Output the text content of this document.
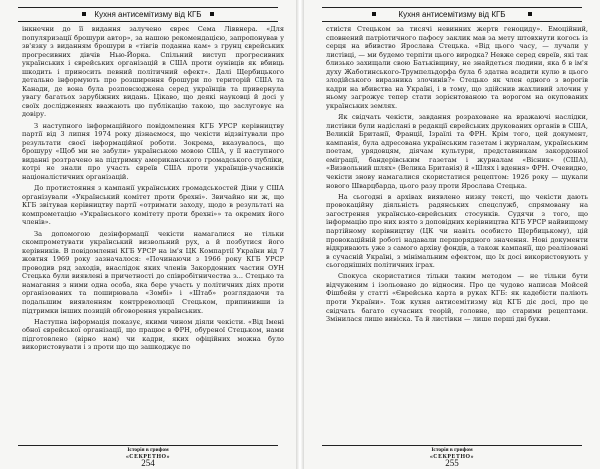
Кухня антисемітизму від КГБ

інкнечни до її видання залучено євреє Сема Ліввнера. «Для популяризації брошури автор», за нашою рекомендацією, запропонував у зв'язку з виданням брошури в «тівгів поданна кам» з грунц єврейських прогресивних дівчів Нью-Йорка. Спільний виступ прогресивних українських і єврейських організацій в США проти оунівців як вбивць шкодить і приносить певний політичний ефект». Далі Щербицького детально інформують про розширення брошури по територій США та Канади, де вона була розповсюджена серед українців та привернула увагу багатьох зарубіжних видань. Цікаво, що деякі науковці й досі у своїх дослідженнях вважають цю публікацію такою, що заслуговує на довіру.

З наступного інформаційного повідомлення КГБ УРСР керівництву партії від 3 липня 1974 року дізнаємося, що чекісти відзвітували про результати своєї інформаційної роботи. Зокрема, вказувалось, що брошуру «Щоб ми не забули» українською мовою США, у її наступного виданні розтрачено на підтримку американського громадського публіки, котрі не знали про участь євреїв США проти українців-учасників націоналістичних організацій.

До протистояння з кампанії українських громадськостей Діни у США організували «Український комітет проти брехні». Звичайно ни ж, що КГБ звітував керівництву партії «отримати заходу, щодо в результаті на компрометацію «Українського комітету проти брехні»» та окремих його членів».

За допомогою дезінформації чекісти намагалися не тільки скомпрометувати український визвольний рух, а й позбутися його керівників. В повідомленні КГБ УРСР на ім'я ЦК Компартії України від 7 жовтня 1969 року зазначалося: «Починаючи з 1966 року КГБ УРСР проводив ряд заходів, внаслідок яких членів Закордонних частин ОУН Стецька були виявлені в причетності до співробітничества з... Стецько та намагання з ними одна особа, яка бере участь у політичних діях проти організованих та поширювала «Зомбі» і «Штаб» розглядаючи та подальшим виявленням контрреволюції Стецьком, припинивши із підтримки інших позицій обговорення українських.

Наступна інформація показує, якими чином діяли чекісти. «Від Імені обної єврейської організації, що працює в ФРН, обуреної Стецьком, нами підготовлено (вірно нам) чи кадри, яких офіційних можна було використовувати і з проти що що зашкоджує по

Історія в грифом
«СЕКРЕТНО»
254
Кухня антисемітизму від КГБ

стиістя Стецьком за тисячі невинних жертв геноциду». Емоційний, сповнений патріотичного пафосу заклик мав за мету штовхнути когось із серця на вбивство Ярослава Стецька. «Від цього часу, — лучали у листівці, — ми будемо терпіти цього виродка? Невже серед євреїв, які так близько захищали свою Батьківщину, не знайдеться людини, яка б в ім'я духу Жаботинського-Трумпельдорфа була б здатна всадити кулю в цього злодійського виразника злочинів?» Стецько як член одного з ворогів кадри на вбивства на Україні, і в тому, що здійснив жахливий злочин у ньому загрожує тепер стати зорієнтованою та ворогом на окупованих українських землях.

Як свідчать чекісти, завдання розраховане на вражаючі наслідки, листівки були надіслані в редакції єврейських друкованих органів в США, Великій Британії, Франції, Ізраїлі та ФРН. Крім того, цей документ, кампанія, була адресована українським газетам і журналам, українським поетам, урядовцям, діячам культури, представникам закордонної еміграції, бандерівським газетам і журналам «Вісник» (США), «Визвольний шлях» (Велика Британія) й «Шлях і вдення» ФРН. Очевидно, чекісти знову намагалися скористатися рецептом: 1926 року — щукали нового Шварцбарда, цього разу проти Ярослава Стецька.

На сьогодні в архівах виявлено низку тексті, що чекісти дають провокаційну діяльність радянських спецслужб, спрямовану на загострення українсько-єврейських стосунків. Судячи з того, що інформацію про них взято з доповідних керівництва КГБ УРСР найвищому партійному керівництву (ЦК чи навіть особисто Щербицькому), цій провокаційній роботі надавали першорядного значення. Нові документи відкривають уже з самого архіву фондів, а також кампанії, що реалізовані в сучасній Україні, з мінімальним ефектом, що їх досі використовують у сьогоднішніх політичних іграх.

Спокуса скористатися тільки таким методом — не тільки бути відчуженим і ізольовано до відносин. Про це чудово написав Мойсей Фішбейн у статті «Єврейська карта в руках КГБ: як кадебісти паліють проти України». Тож кухня антисемітизму від КГБ діє досі, про це свідчать багато сучасних теорій, головне, що старими рецептами. Змінилася лише вивіска. Та й листівки — лише перші дві букви.

Історія в грифом
«СЕКРЕТНО»
255
